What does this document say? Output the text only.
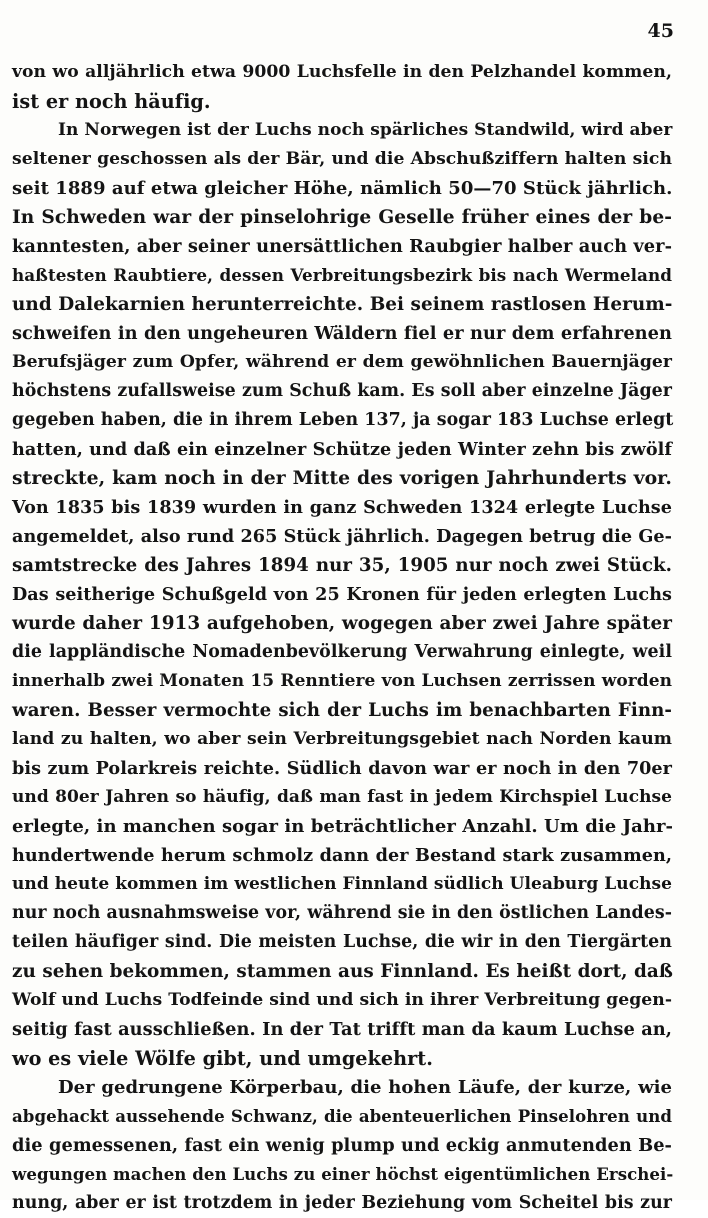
45
von wo alljährlich etwa 9000 Luchsfelle in den Pelzhandel kommen,
ist er noch häufig.
In Norwegen ist der Luchs noch spärliches Standwild, wird aber
seltener geschossen als der Bär, und die Abschußziffern halten sich
seit 1889 auf etwa gleicher Höhe, nämlich 50—70 Stück jährlich.
In Schweden war der pinselohrige Geselle früher eines der be-
kanntesten, aber seiner unersättlichen Raubgier halber auch ver-
haßtesten Raubtiere, dessen Verbreitungsbezirk bis nach Wermeland
und Dalekarnien herunterreichte. Bei seinem rastlosen Herum-
schweifen in den ungeheuren Wäldern fiel er nur dem erfahrenen
Berufsjäger zum Opfer, während er dem gewöhnlichen Bauernjäger
höchstens zufallsweise zum Schuß kam. Es soll aber einzelne Jäger
gegeben haben, die in ihrem Leben 137, ja sogar 183 Luchse erlegt
hatten, und daß ein einzelner Schütze jeden Winter zehn bis zwölf
streckte, kam noch in der Mitte des vorigen Jahrhunderts vor.
Von 1835 bis 1839 wurden in ganz Schweden 1324 erlegte Luchse
angemeldet, also rund 265 Stück jährlich. Dagegen betrug die Ge-
samtstrecke des Jahres 1894 nur 35, 1905 nur noch zwei Stück.
Das seitherige Schußgeld von 25 Kronen für jeden erlegten Luchs
wurde daher 1913 aufgehoben, wogegen aber zwei Jahre später
die lappländische Nomadenbevölkerung Verwahrung einlegte, weil
innerhalb zwei Monaten 15 Renntiere von Luchsen zerrissen worden
waren. Besser vermochte sich der Luchs im benachbarten Finn-
land zu halten, wo aber sein Verbreitungsgebiet nach Norden kaum
bis zum Polarkreis reichte. Südlich davon war er noch in den 70er
und 80er Jahren so häufig, daß man fast in jedem Kirchspiel Luchse
erlegte, in manchen sogar in beträchtlicher Anzahl. Um die Jahr-
hundertwende herum schmolz dann der Bestand stark zusammen,
und heute kommen im westlichen Finnland südlich Uleaburg Luchse
nur noch ausnahmsweise vor, während sie in den östlichen Landes-
teilen häufiger sind. Die meisten Luchse, die wir in den Tiergärten
zu sehen bekommen, stammen aus Finnland. Es heißt dort, daß
Wolf und Luchs Todfeinde sind und sich in ihrer Verbreitung gegen-
seitig fast ausschließen. In der Tat trifft man da kaum Luchse an,
wo es viele Wölfe gibt, und umgekehrt.
Der gedrungene Körperbau, die hohen Läufe, der kurze, wie
abgehackt aussehende Schwanz, die abenteuerlichen Pinselohren und
die gemessenen, fast ein wenig plump und eckig anmutenden Be-
wegungen machen den Luchs zu einer höchst eigentümlichen Erschei-
nung, aber er ist trotzdem in jeder Beziehung vom Scheitel bis zur
